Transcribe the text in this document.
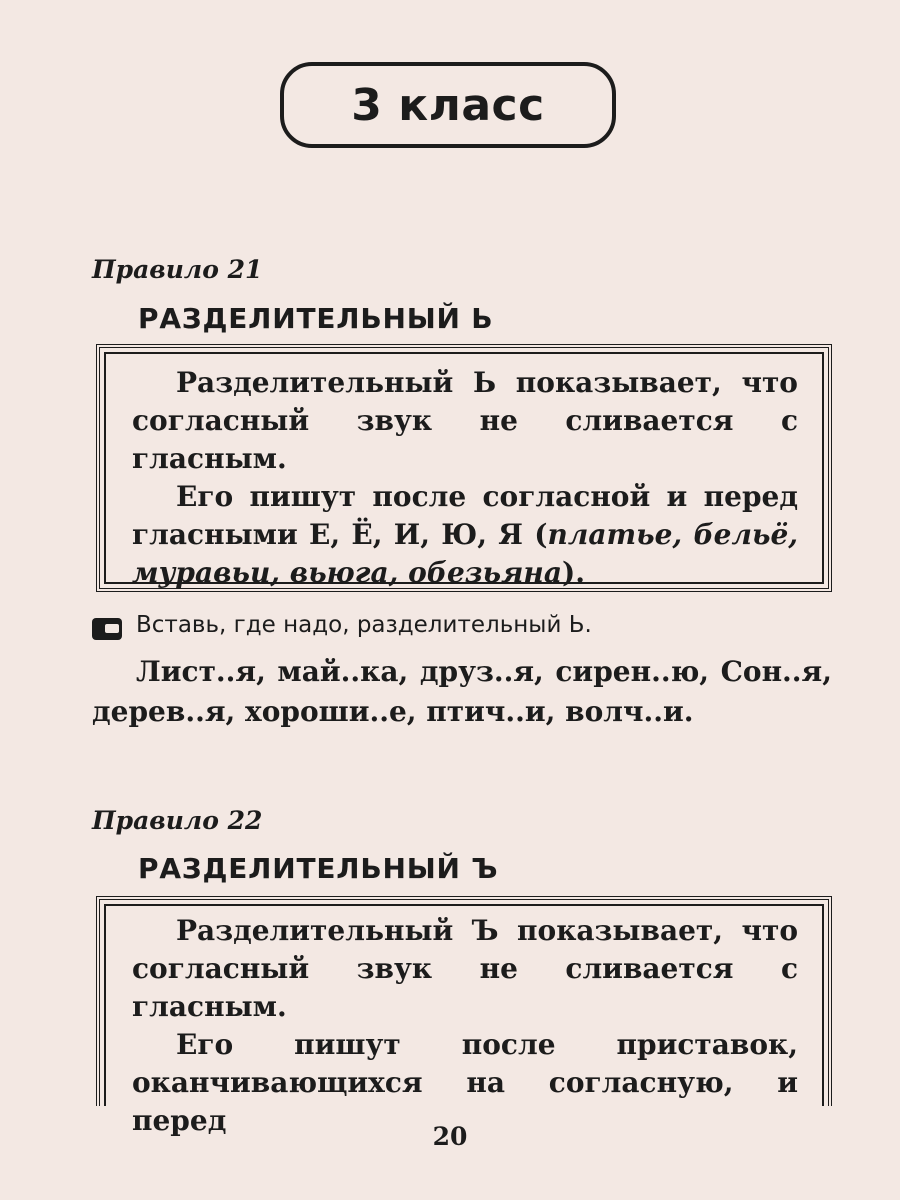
3 класс
Правило 21
РАЗДЕЛИТЕЛЬНЫЙ Ь

Разделительный Ь показывает, что согласный звук не сливается с гласным.

Его пишут после согласной и перед гласными Е, Ё, И, Ю, Я (платье, бельё, муравьи, вьюга, обезьяна).

Вставь, где надо, разделительный Ь.
Лист..я, май..ка, друз..я, сирен..ю, Сон..я, дерев..я, хороши..е, птич..и, волч..и.
Правило 22
РАЗДЕЛИТЕЛЬНЫЙ Ъ

Разделительный Ъ показывает, что согласный звук не сливается с гласным.

Его пишут после приставок, оканчивающихся на согласную, и перед	20
